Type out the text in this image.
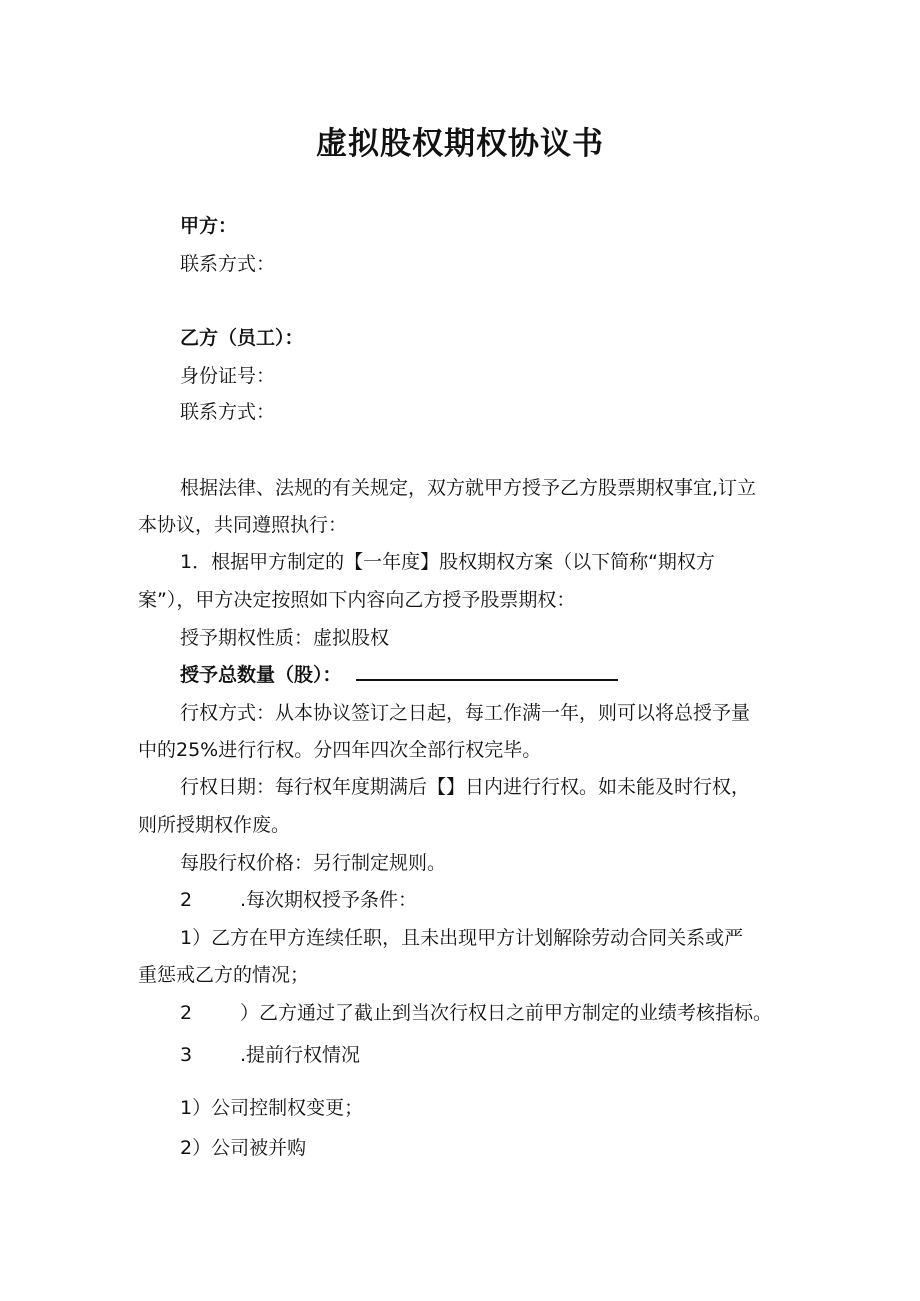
虚拟股权期权协议书
甲方：
联系方式：
乙方（员工）：
身份证号：
联系方式：
根据法律、法规的有关规定，双方就甲方授予乙方股票期权事宜,订立
本协议，共同遵照执行：
1．根据甲方制定的【一年度】股权期权方案（以下简称“期权方
案”），甲方决定按照如下内容向乙方授予股票期权：
授予期权性质：虚拟股权
授予总数量（股）：
行权方式：从本协议签订之日起，每工作满一年，则可以将总授予量
中的25%进行行权。分四年四次全部行权完毕。
行权日期：每行权年度期满后【】日内进行行权。如未能及时行权，
则所授期权作废。
每股行权价格：另行制定规则。
2	.每次期权授予条件：
1）乙方在甲方连续任职，且未出现甲方计划解除劳动合同关系或严
重惩戒乙方的情况；
2	）乙方通过了截止到当次行权日之前甲方制定的业绩考核指标。
3	.提前行权情况
1）公司控制权变更；
2）公司被并购
